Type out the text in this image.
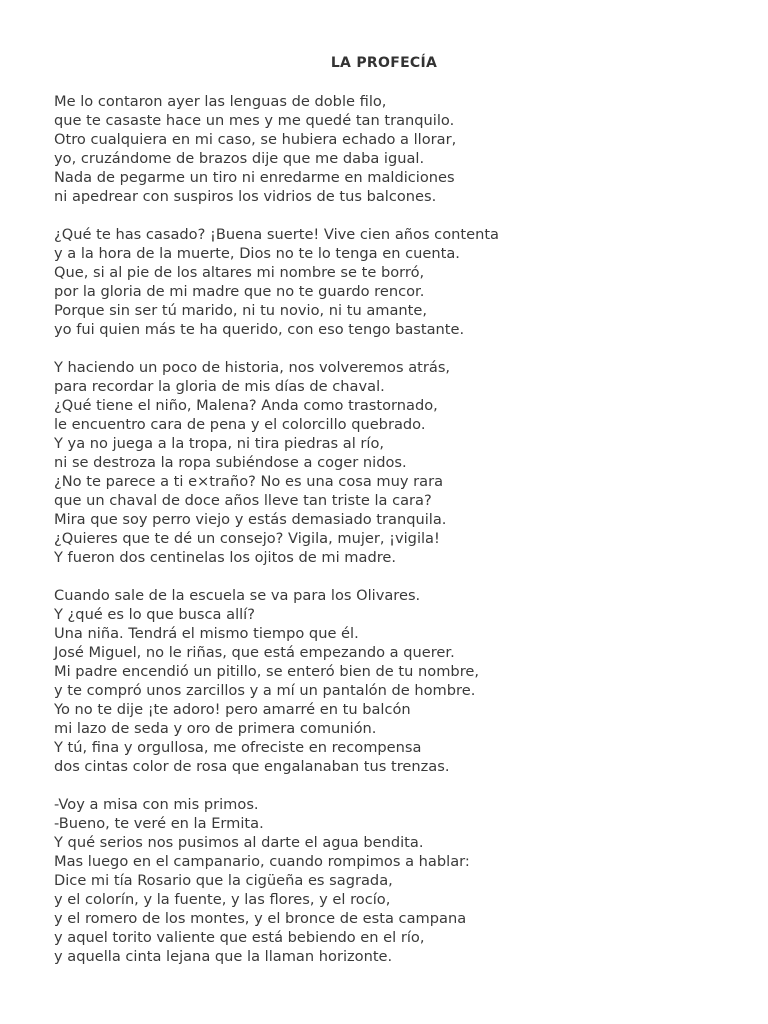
LA PROFECÍA
Me lo contaron ayer las lenguas de doble filo,
que te casaste hace un mes y me quedé tan tranquilo.
Otro cualquiera en mi caso, se hubiera echado a llorar,
yo, cruzándome de brazos dije que me daba igual.
Nada de pegarme un tiro ni enredarme en maldiciones
ni apedrear con suspiros los vidrios de tus balcones.
¿Qué te has casado? ¡Buena suerte! Vive cien años contenta
y a la hora de la muerte, Dios no te lo tenga en cuenta.
Que, si al pie de los altares mi nombre se te borró,
por la gloria de mi madre que no te guardo rencor.
Porque sin ser tú marido, ni tu novio, ni tu amante,
yo fui quien más te ha querido, con eso tengo bastante.
Y haciendo un poco de historia, nos volveremos atrás,
para recordar la gloria de mis días de chaval.
¿Qué tiene el niño, Malena? Anda como trastornado,
le encuentro cara de pena y el colorcillo quebrado.
Y ya no juega a la tropa, ni tira piedras al río,
ni se destroza la ropa subiéndose a coger nidos.
¿No te parece a ti e×traño? No es una cosa muy rara
que un chaval de doce años lleve tan triste la cara?
Mira que soy perro viejo y estás demasiado tranquila.
¿Quieres que te dé un consejo? Vigila, mujer, ¡vigila!
Y fueron dos centinelas los ojitos de mi madre.
Cuando sale de la escuela se va para los Olivares.
Y ¿qué es lo que busca allí?
Una niña. Tendrá el mismo tiempo que él.
José Miguel, no le riñas, que está empezando a querer.
Mi padre encendió un pitillo, se enteró bien de tu nombre,
y te compró unos zarcillos y a mí un pantalón de hombre.
Yo no te dije ¡te adoro! pero amarré en tu balcón
mi lazo de seda y oro de primera comunión.
Y tú, fina y orgullosa, me ofreciste en recompensa
dos cintas color de rosa que engalanaban tus trenzas.
-Voy a misa con mis primos.
-Bueno, te veré en la Ermita.
Y qué serios nos pusimos al darte el agua bendita.
Mas luego en el campanario, cuando rompimos a hablar:
Dice mi tía Rosario que la cigüeña es sagrada,
y el colorín, y la fuente, y las flores, y el rocío,
y el romero de los montes, y el bronce de esta campana
y aquel torito valiente que está bebiendo en el río,
y aquella cinta lejana que la llaman horizonte.
